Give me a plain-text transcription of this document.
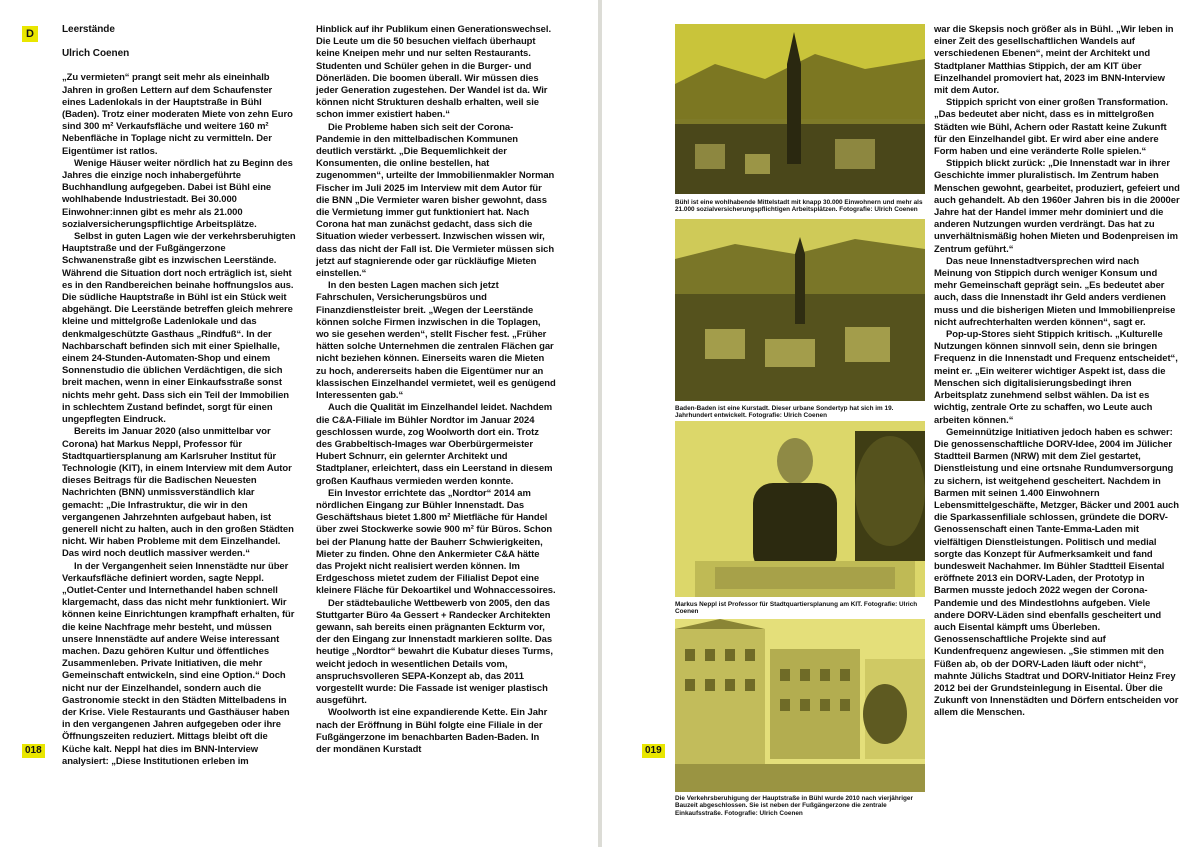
D
018
Leerstände
Ulrich Coenen

„Zu vermieten“ prangt seit mehr als eineinhalb Jahren in großen Lettern auf dem Schaufenster eines Ladenlokals in der Hauptstraße in Bühl (Baden). Trotz einer moderaten Miete von zehn Euro sind 300 m² Verkaufsfläche und weitere 160 m² Nebenfläche in Toplage nicht zu vermitteln. Der Eigentümer ist ratlos.

Wenige Häuser weiter nördlich hat zu Beginn des Jahres die einzige noch inhabergeführte Buchhandlung aufgegeben. Dabei ist Bühl eine wohlhabende Industriestadt. Bei 30.000 Einwohner:innen gibt es mehr als 21.000 sozialversicherungspflichtige Arbeitsplätze.

Selbst in guten Lagen wie der verkehrsberuhigten Hauptstraße und der Fußgängerzone Schwanenstraße gibt es inzwischen Leerstände. Während die Situation dort noch erträglich ist, sieht es in den Randbereichen beinahe hoffnungslos aus. Die südliche Hauptstraße in Bühl ist ein Stück weit abgehängt. Die Leerstände betreffen gleich mehrere kleine und mittelgroße Ladenlokale und das denkmalgeschützte Gasthaus „Rindfuß“. In der Nachbarschaft befinden sich mit einer Spielhalle, einem 24-Stunden-Automaten-Shop und einem Sonnenstudio die üblichen Verdächtigen, die sich breit machen, wenn in einer Einkaufsstraße sonst nichts mehr geht. Dass sich ein Teil der Immobilien in schlechtem Zustand befindet, sorgt für einen ungepflegten Eindruck.

Bereits im Januar 2020 (also unmittelbar vor Corona) hat Markus Neppl, Professor für Stadtquartiersplanung am Karlsruher Institut für Technologie (KIT), in einem Interview mit dem Autor dieses Beitrags für die Badischen Neuesten Nachrichten (BNN) unmissverständlich klar gemacht: „Die Infrastruktur, die wir in den vergangenen Jahrzehnten aufgebaut haben, ist generell nicht zu halten, auch in den großen Städten nicht. Wir haben Probleme mit dem Einzelhandel. Das wird noch deutlich massiver werden.“

In der Vergangenheit seien Innenstädte nur über Verkaufsfläche definiert worden, sagte Neppl. „Outlet-Center und Internethandel haben schnell klargemacht, dass das nicht mehr funktioniert. Wir können keine Einrichtungen krampfhaft erhalten, für die keine Nachfrage mehr besteht, und müssen unsere Innenstädte auf andere Weise interessant machen. Dazu gehören Kultur und öffentliches Zusammenleben. Private Initiativen, die mehr Gemeinschaft entwickeln, sind eine Option.“ Doch nicht nur der Einzelhandel, sondern auch die Gastronomie steckt in den Städten Mittelbadens in der Krise. Viele Restaurants und Gasthäuser haben in den vergangenen Jahren aufgegeben oder ihre Öffnungszeiten reduziert. Mittags bleibt oft die Küche kalt. Neppl hat dies im BNN-Interview analysiert: „Diese Institutionen erleben im

Hinblick auf ihr Publikum einen Generationswechsel. Die Leute um die 50 besuchen vielfach überhaupt keine Kneipen mehr und nur selten Restaurants. Studenten und Schüler gehen in die Burger- und Dönerläden. Die boomen überall. Wir müssen dies jeder Generation zugestehen. Der Wandel ist da. Wir können nicht Strukturen deshalb erhalten, weil sie schon immer existiert haben.“

Die Probleme haben sich seit der Corona-Pandemie in den mittelbadischen Kommunen deutlich verstärkt. „Die Bequemlichkeit der Konsumenten, die online bestellen, hat zugenommen“, urteilte der Immobilienmakler Norman Fischer im Juli 2025 im Interview mit dem Autor für die BNN „Die Vermieter waren bisher gewohnt, dass die Vermietung immer gut funktioniert hat. Nach Corona hat man zunächst gedacht, dass sich die Situation wieder verbessert. Inzwischen wissen wir, dass das nicht der Fall ist. Die Vermieter müssen sich jetzt auf stagnierende oder gar rückläufige Mieten einstellen.“

In den besten Lagen machen sich jetzt Fahrschulen, Versicherungsbüros und Finanzdienstleister breit. „Wegen der Leerstände können solche Firmen inzwischen in die Toplagen, wo sie gesehen werden“, stellt Fischer fest. „Früher hätten solche Unternehmen die zentralen Flächen gar nicht beziehen können. Einerseits waren die Mieten zu hoch, andererseits haben die Eigentümer nur an klassischen Einzelhandel vermietet, weil es genügend Interessenten gab.“

Auch die Qualität im Einzelhandel leidet. Nachdem die C&A-Filiale im Bühler Nordtor im Januar 2024 geschlossen wurde, zog Woolworth dort ein. Trotz des Grabbeltisch-Images war Oberbürgermeister Hubert Schnurr, ein gelernter Architekt und Stadtplaner, erleichtert, dass ein Leerstand in diesem großen Kaufhaus vermieden werden konnte.

Ein Investor errichtete das „Nordtor“ 2014 am nördlichen Eingang zur Bühler Innenstadt. Das Geschäftshaus bietet 1.800 m² Mietfläche für Handel über zwei Stockwerke sowie 900 m² für Büros. Schon bei der Planung hatte der Bauherr Schwierigkeiten, Mieter zu finden. Ohne den Ankermieter C&A hätte das Projekt nicht realisiert werden können. Im Erdgeschoss mietet zudem der Filialist Depot eine kleinere Fläche für Dekoartikel und Wohnaccessoires.

Der städtebauliche Wettbewerb von 2005, den das Stuttgarter Büro 4a Gessert + Randecker Architekten gewann, sah bereits einen prägnanten Eckturm vor, der den Eingang zur Innenstadt markieren sollte. Das heutige „Nordtor“ bewahrt die Kubatur dieses Turms, weicht jedoch in wesentlichen Details vom, anspruchsvolleren SEPA-Konzept ab, das 2011 vorgestellt wurde: Die Fassade ist weniger plastisch ausgeführt.

Woolworth ist eine expandierende Kette. Ein Jahr nach der Eröffnung in Bühl folgte eine Filiale in der Fußgängerzone im benachbarten Baden-Baden. In der mondänen Kurstadt	019
Bühl ist eine wohlhabende Mittelstadt mit knapp 30.000 Einwohnern und mehr als 21.000 sozialversicherungspflichtigen Arbeitsplätzen. Fotografie: Ulrich Coenen
Baden-Baden ist eine Kurstadt. Dieser urbane Sondertyp hat sich im 19. Jahrhundert entwickelt. Fotografie: Ulrich Coenen
Markus Neppl ist Professor für Stadtquartiersplanung am KIT. Fotografie: Ulrich Coenen
Die Verkehrsberuhigung der Hauptstraße in Bühl wurde 2010 nach vierjähriger Bauzeit abgeschlossen. Sie ist neben der Fußgängerzone die zentrale Einkaufsstraße. Fotografie: Ulrich Coenen

war die Skepsis noch größer als in Bühl. „Wir leben in einer Zeit des gesellschaftlichen Wandels auf verschiedenen Ebenen“, meint der Architekt und Stadtplaner Matthias Stippich, der am KIT über Einzelhandel promoviert hat, 2023 im BNN-Interview mit dem Autor.

Stippich spricht von einer großen Transformation. „Das bedeutet aber nicht, dass es in mittelgroßen Städten wie Bühl, Achern oder Rastatt keine Zukunft für den Einzelhandel gibt. Er wird aber eine andere Form haben und eine veränderte Rolle spielen.“

Stippich blickt zurück: „Die Innenstadt war in ihrer Geschichte immer pluralistisch. Im Zentrum haben Menschen gewohnt, gearbeitet, produziert, gefeiert und auch gehandelt. Ab den 1960er Jahren bis in die 2000er Jahre hat der Handel immer mehr dominiert und die anderen Nutzungen wurden verdrängt. Das hat zu unverhältnismäßig hohen Mieten und Bodenpreisen im Zentrum geführt.“

Das neue Innenstadtversprechen wird nach Meinung von Stippich durch weniger Konsum und mehr Gemeinschaft geprägt sein. „Es bedeutet aber auch, dass die Innenstadt ihr Geld anders verdienen muss und die bisherigen Mieten und Immobilienpreise nicht aufrechterhalten werden können“, sagt er.

Pop-up-Stores sieht Stippich kritisch. „Kulturelle Nutzungen können sinnvoll sein, denn sie bringen Frequenz in die Innenstadt und Frequenz entscheidet“, meint er. „Ein weiterer wichtiger Aspekt ist, dass die Menschen sich digitalisierungsbedingt ihren Arbeitsplatz zunehmend selbst wählen. Da ist es wichtig, zentrale Orte zu schaffen, wo Leute auch arbeiten können.“

Gemeinnützige Initiativen jedoch haben es schwer: Die genossenschaftliche DORV-Idee, 2004 im Jülicher Stadtteil Barmen (NRW) mit dem Ziel gestartet, Dienstleistung und eine ortsnahe Rundumversorgung zu sichern, ist weitgehend gescheitert. Nachdem in Barmen mit seinen 1.400 Einwohnern Lebensmittelgeschäfte, Metzger, Bäcker und 2001 auch die Sparkassenfiliale schlossen, gründete die DORV-Genossenschaft einen Tante-Emma-Laden mit vielfältigen Dienstleistungen. Politisch und medial sorgte das Konzept für Aufmerksamkeit und fand bundesweit Nachahmer. Im Bühler Stadtteil Eisental eröffnete 2013 ein DORV-Laden, der Prototyp in Barmen musste jedoch 2022 wegen der Corona-Pandemie und des Mindestlohns aufgeben. Viele andere DORV-Läden sind ebenfalls gescheitert und auch Eisental kämpft ums Überleben. Genossenschaftliche Projekte sind auf Kundenfrequenz angewiesen. „Sie stimmen mit den Füßen ab, ob der DORV-Laden läuft oder nicht“, mahnte Jülichs Stadtrat und DORV-Initiator Heinz Frey 2012 bei der Grundsteinlegung in Eisental. Über die Zukunft von Innenstädten und Dörfern entscheiden vor allem die Menschen.
